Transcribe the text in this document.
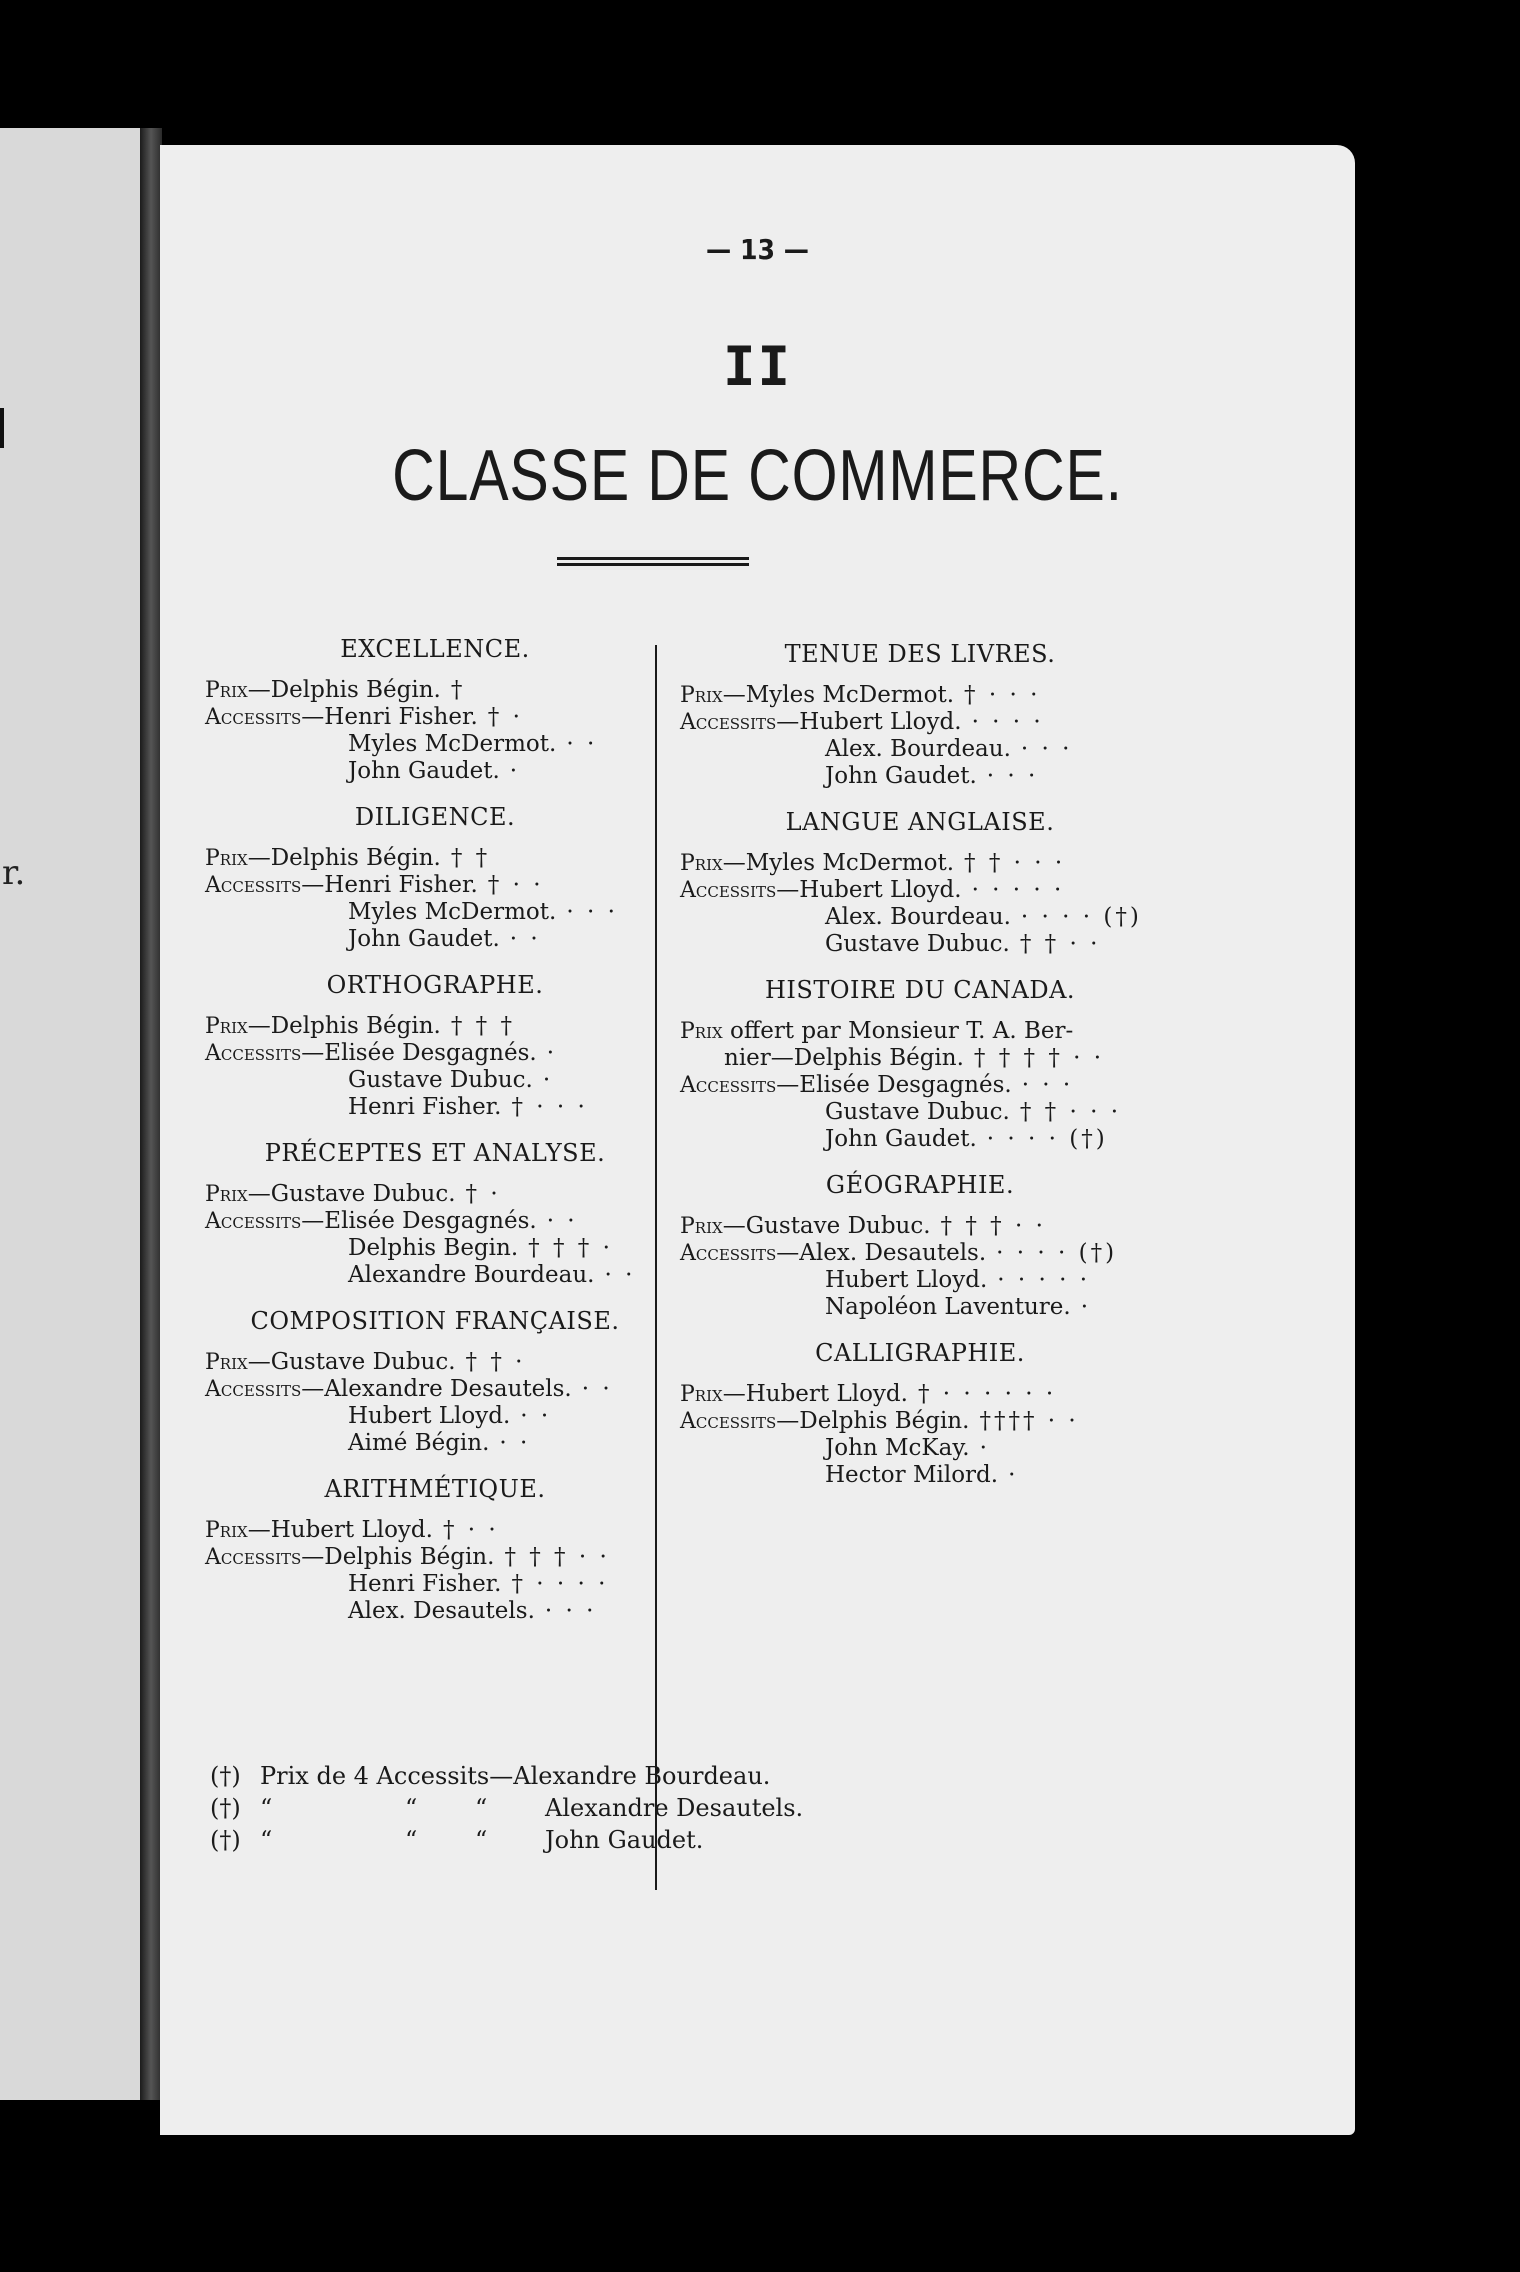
r.
— 13 —
II
CLASSE DE COMMERCE.
EXCELLENCE.
Prix—Delphis Bégin. †
Accessits—Henri Fisher. † ·
Myles McDermot. · ·
John Gaudet. ·
DILIGENCE.
Prix—Delphis Bégin. † †
Accessits—Henri Fisher. † · ·
Myles McDermot. · · ·
John Gaudet. · ·
ORTHOGRAPHE.
Prix—Delphis Bégin. † † †
Accessits—Elisée Desgagnés. ·
Gustave Dubuc. ·
Henri Fisher. † · · ·
PRÉCEPTES ET ANALYSE.
Prix—Gustave Dubuc. † ·
Accessits—Elisée Desgagnés. · ·
Delphis Begin. † † † ·
Alexandre Bourdeau. · ·
COMPOSITION FRANÇAISE.
Prix—Gustave Dubuc. † † ·
Accessits—Alexandre Desautels. · ·
Hubert Lloyd. · ·
Aimé Bégin. · ·
ARITHMÉTIQUE.
Prix—Hubert Lloyd. † · ·
Accessits—Delphis Bégin. † † † · ·
Henri Fisher. † · · · ·
Alex. Desautels. · · ·
TENUE DES LIVRES.
Prix—Myles McDermot. † · · ·
Accessits—Hubert Lloyd. · · · ·
Alex. Bourdeau. · · ·
John Gaudet. · · ·
LANGUE ANGLAISE.
Prix—Myles McDermot. † † · · ·
Accessits—Hubert Lloyd. · · · · ·
Alex. Bourdeau. · · · · (†)
Gustave Dubuc. † † · ·
HISTOIRE DU CANADA.
Prix offert par Monsieur T. A. Ber-
nier—Delphis Bégin. † † † † · ·
Accessits—Elisée Desgagnés. · · ·
Gustave Dubuc. † † · · ·
John Gaudet. · · · · (†)
GÉOGRAPHIE.
Prix—Gustave Dubuc. † † † · ·
Accessits—Alex. Desautels. · · · · (†)
Hubert Lloyd. · · · · ·
Napoléon Laventure. ·
CALLIGRAPHIE.
Prix—Hubert Lloyd. † · · · · · ·
Accessits—Delphis Bégin. †††† · ·
John McKay. ·
Hector Milord. ·
(†) Prix de 4 Accessits—Alexandre Bourdeau.
(†) “	“ “ Alexandre Desautels.
(†) “	“ “ John Gaudet.
